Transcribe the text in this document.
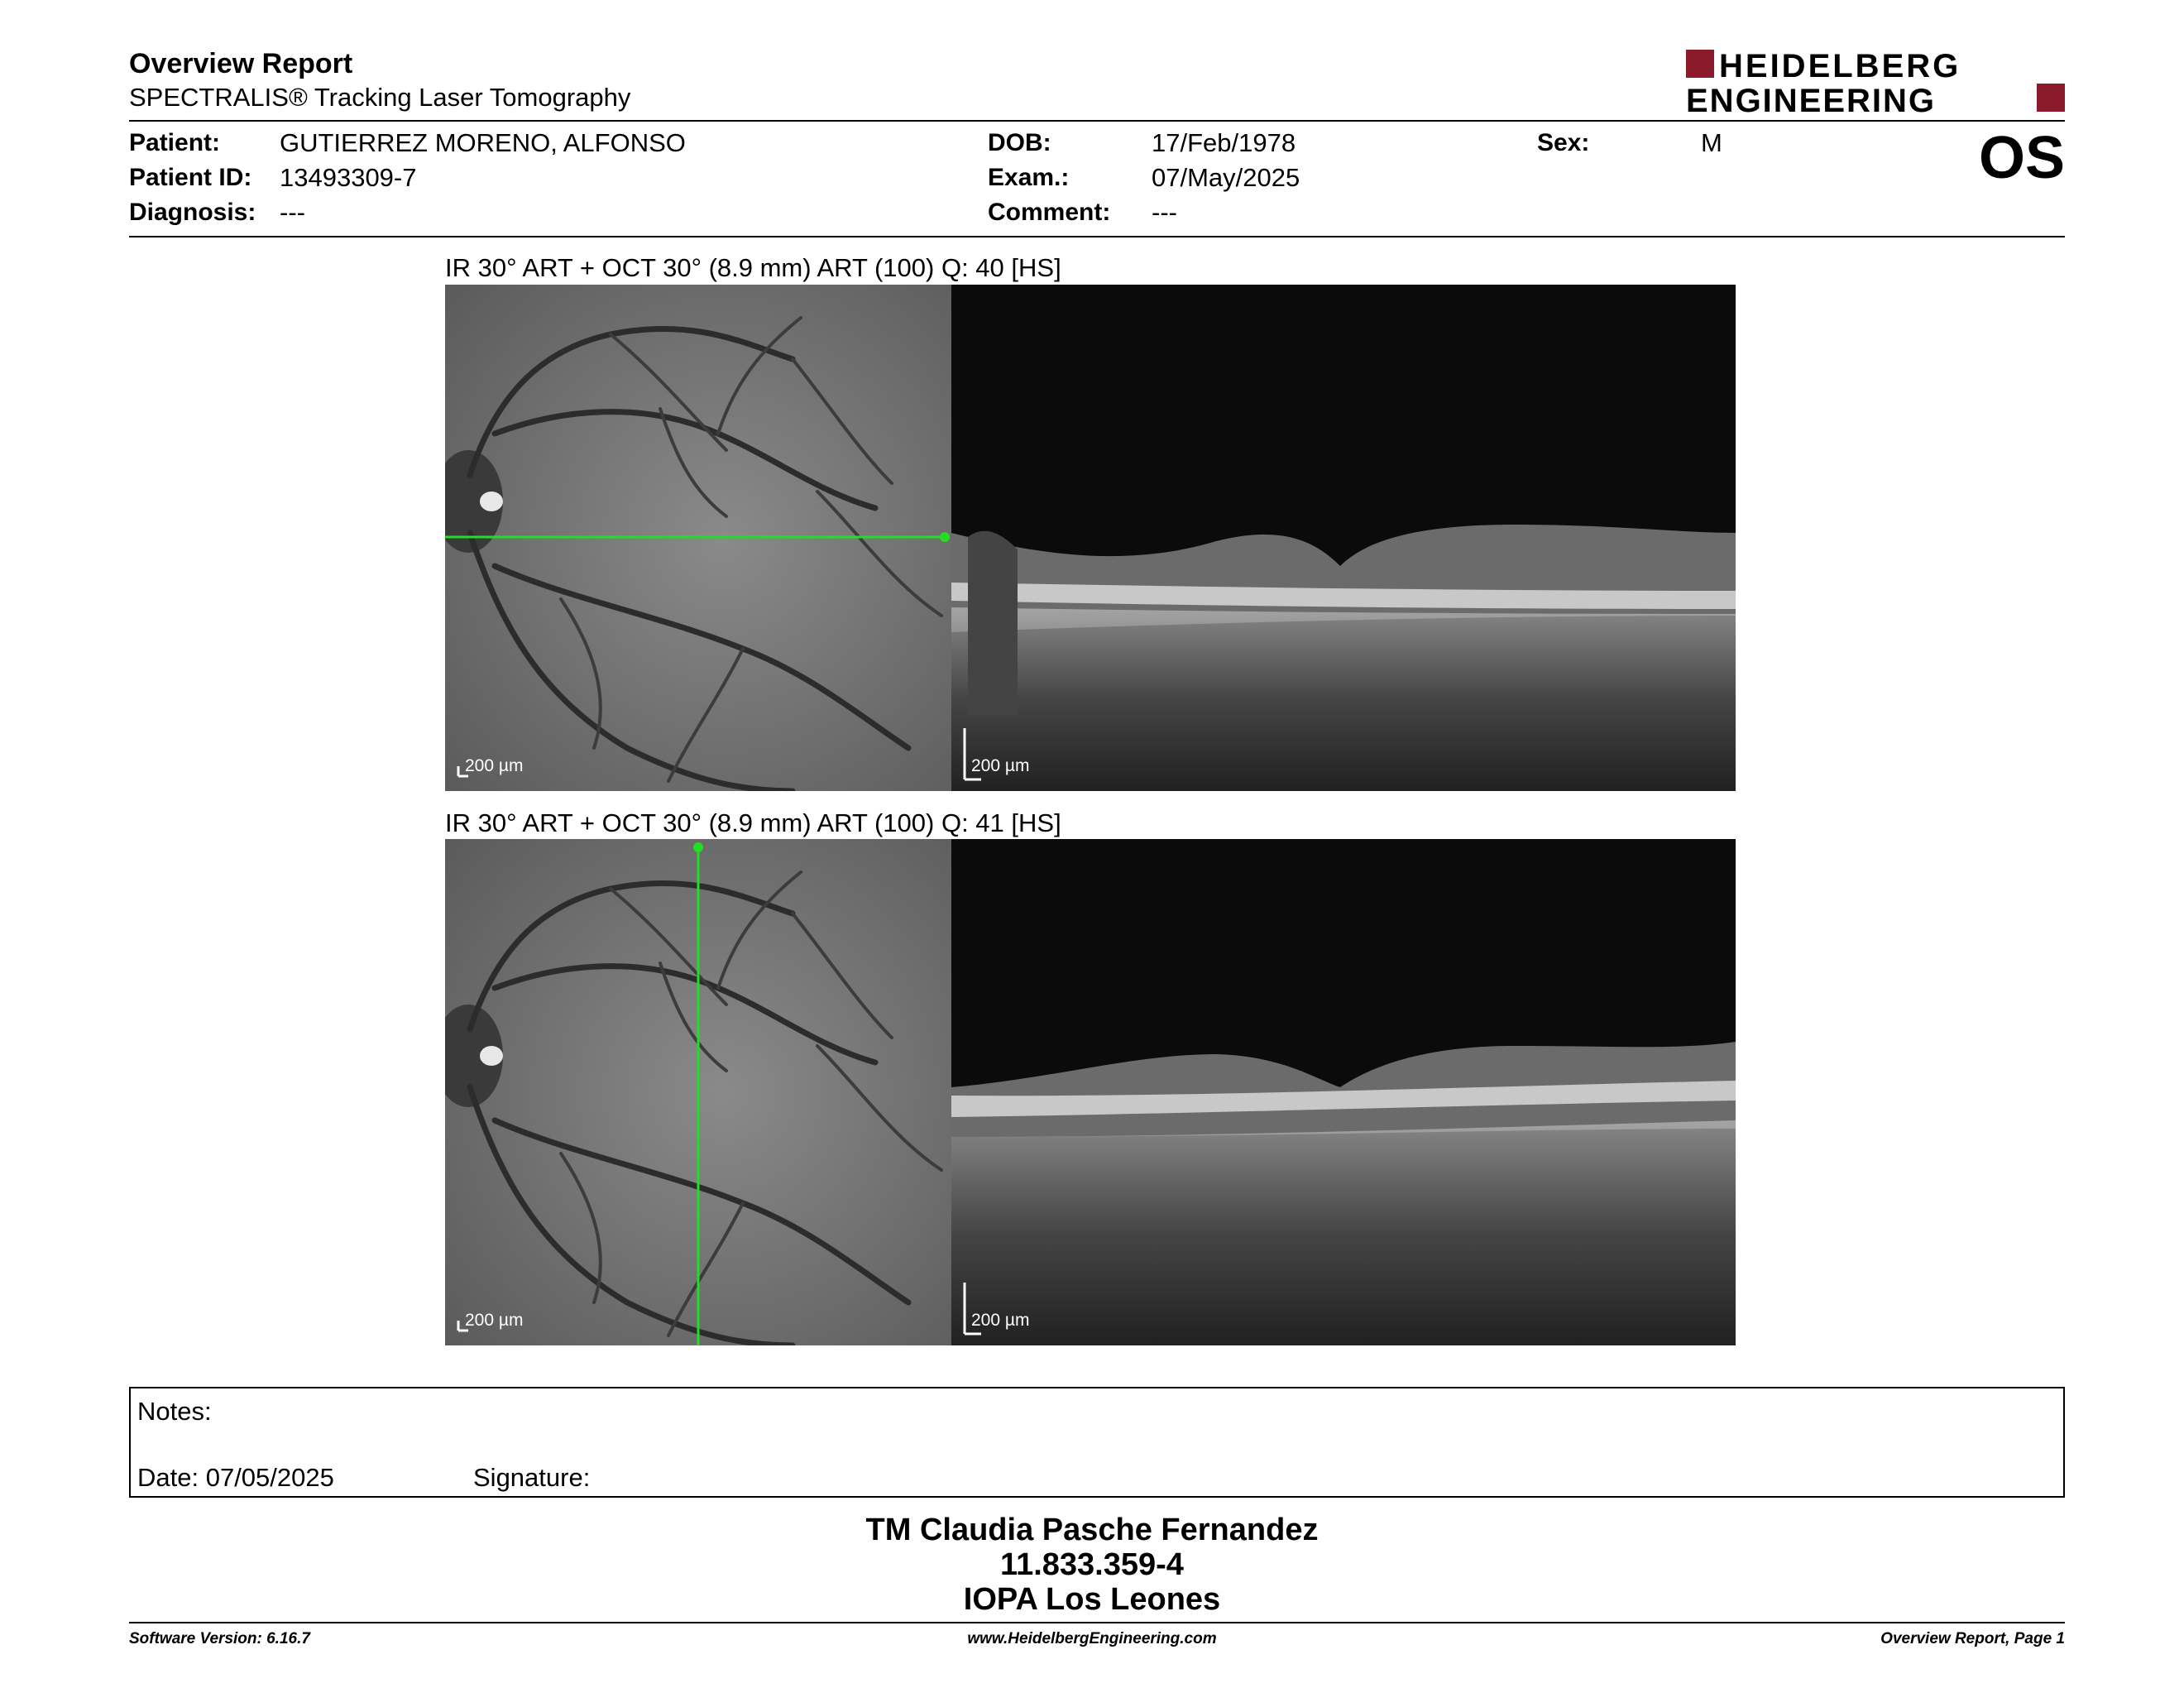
Overview Report
SPECTRALIS® Tracking Laser Tomography
HEIDELBERG
ENGINEERING
Patient: GUTIERREZ MORENO, ALFONSO
Patient ID: 13493309-7
Diagnosis: ---
DOB:	17/Feb/1978
Exam.:	07/May/2025
Comment: ---
Sex:	M	OS
IR 30° ART + OCT 30° (8.9 mm) ART (100) Q: 40 [HS]
200 µm	200 µm
IR 30° ART + OCT 30° (8.9 mm) ART (100) Q: 41 [HS]
200 µm	200 µm
Notes:
Date: 07/05/2025	Signature:
TM Claudia Pasche Fernandez
11.833.359-4
IOPA Los Leones
Software Version: 6.16.7	www.HeidelbergEngineering.com	Overview Report, Page 1
